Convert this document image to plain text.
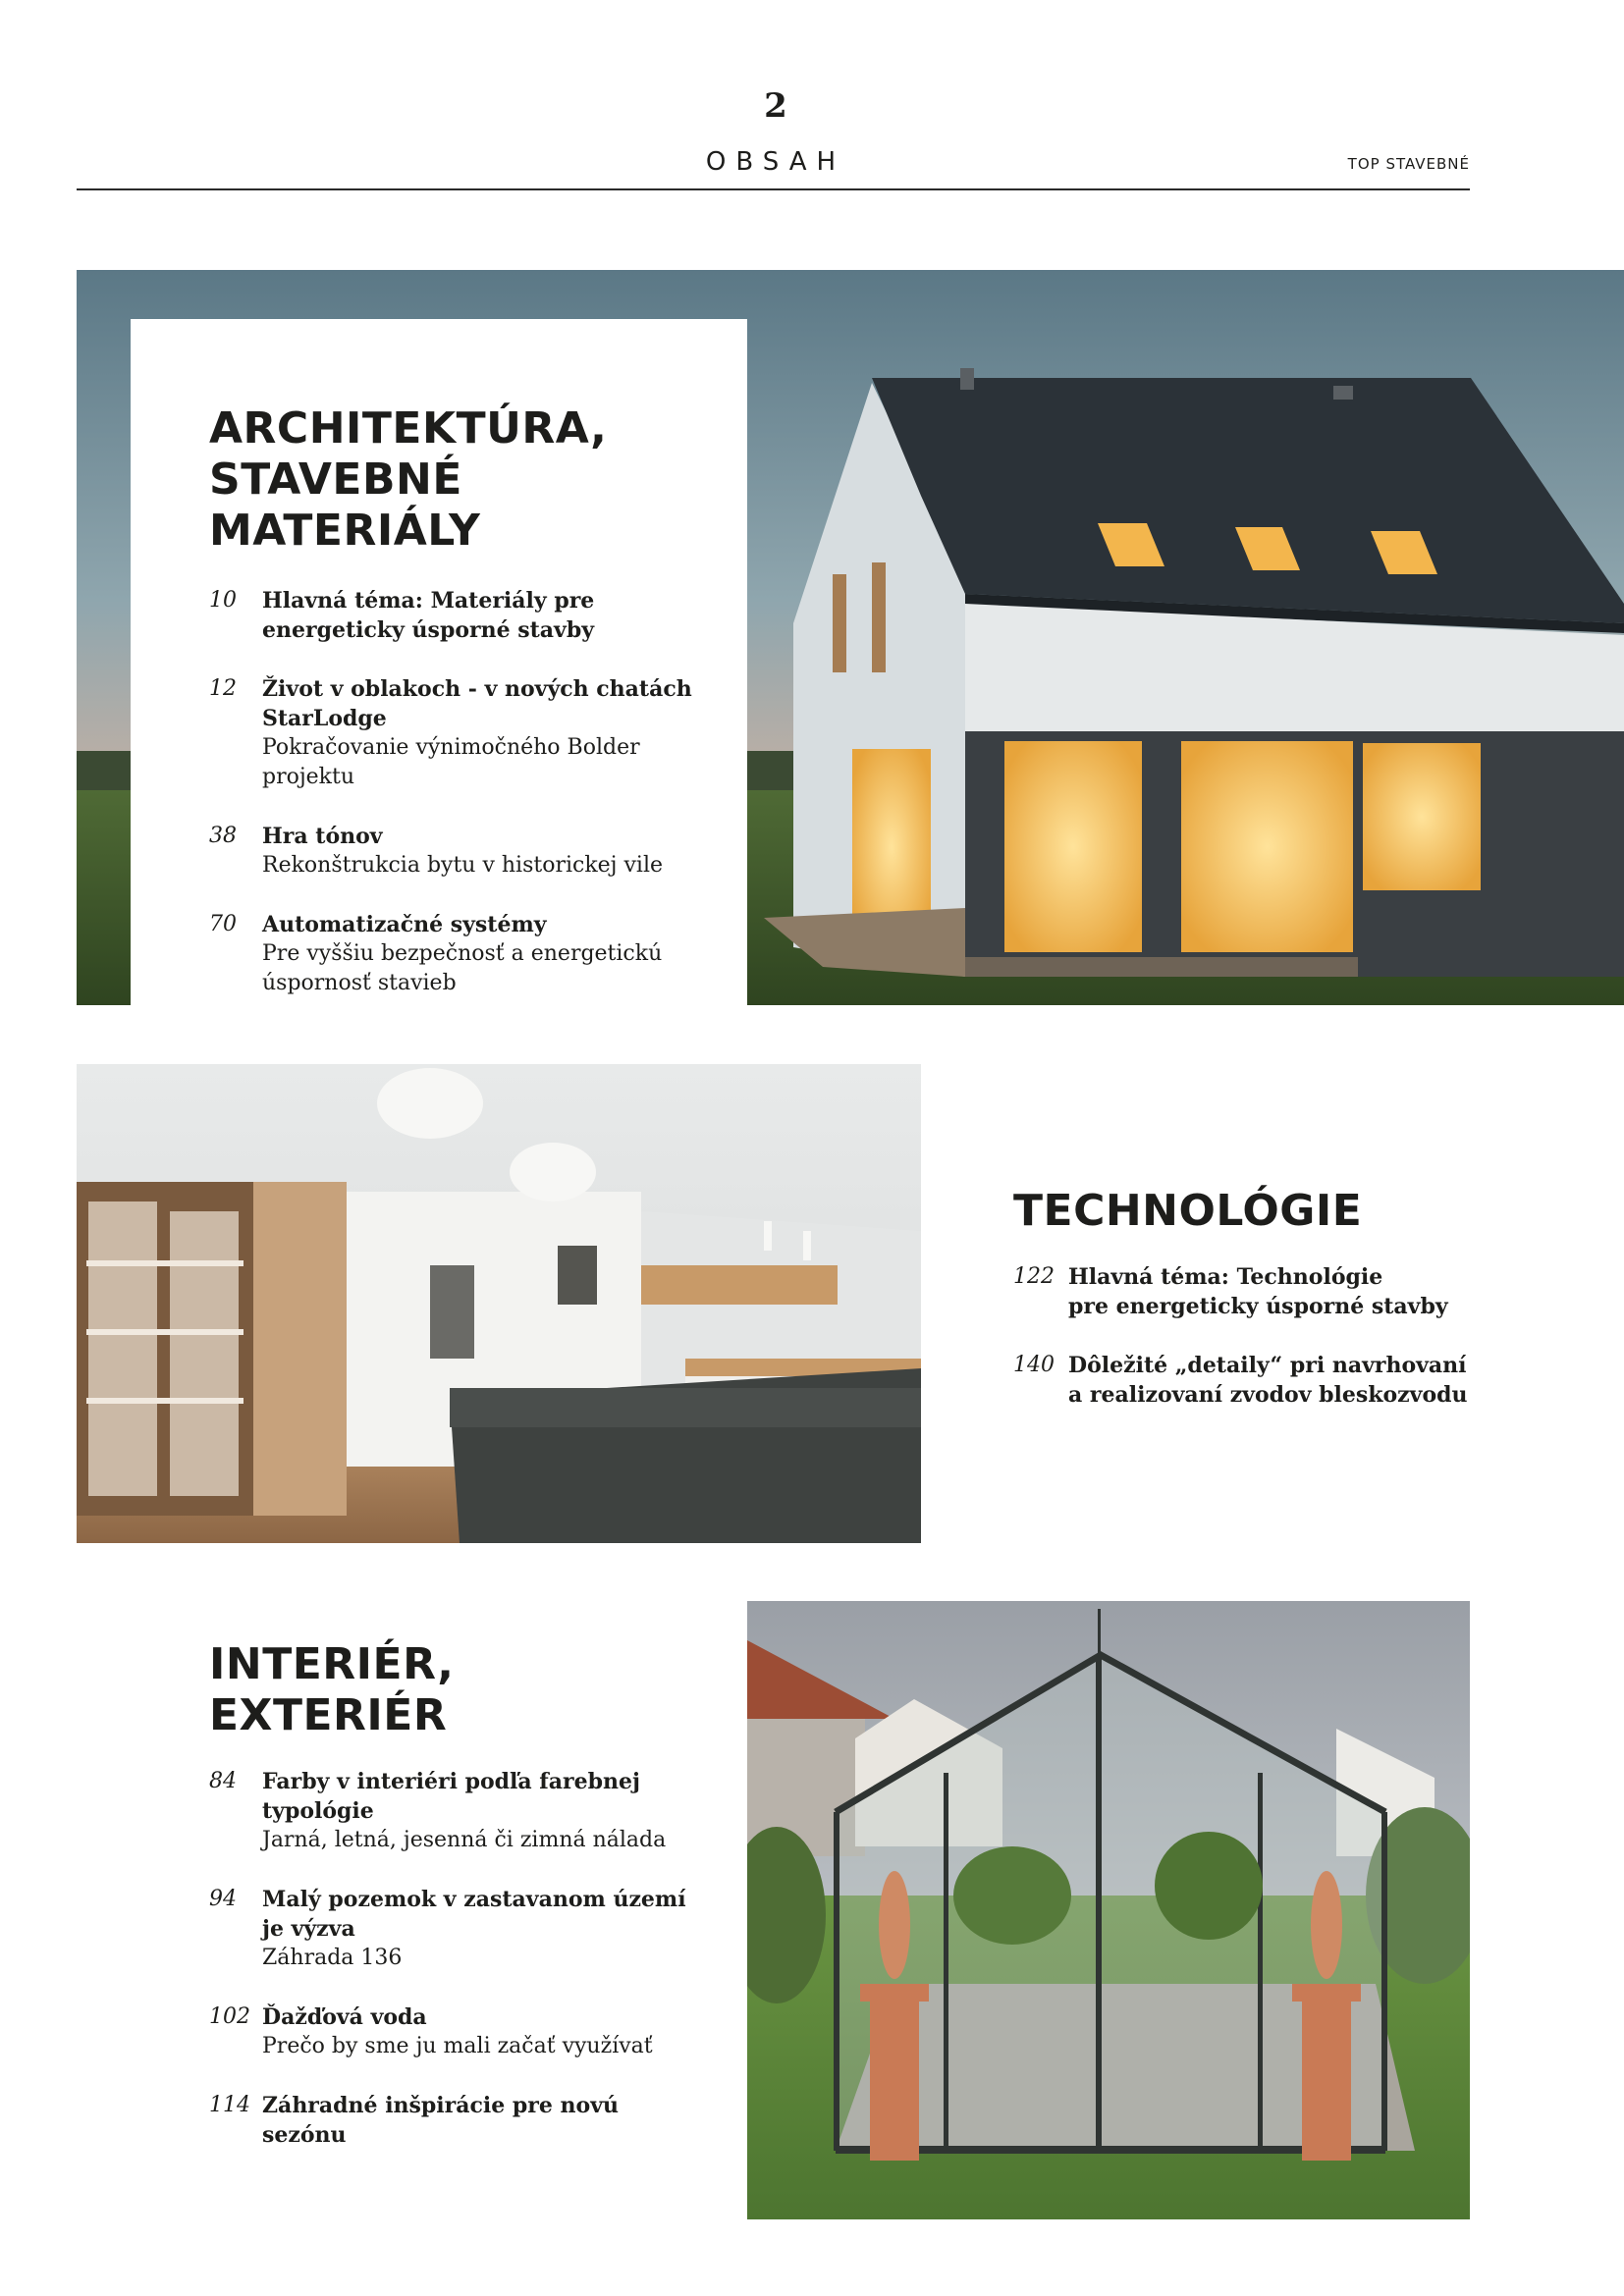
2
OBSAH	TOP STAVEBNÉ
ARCHITEKTÚRA,
STAVEBNÉ
MATERIÁLY
10 Hlavná téma: Materiály pre
energeticky úsporné stavby
12 Život v oblakoch - v nových chatách
StarLodge
Pokračovanie výnimočného Bolder
projektu
38 Hra tónov
Rekonštrukcia bytu v historickej vile
70 Automatizačné systémy
Pre vyššiu bezpečnosť a energetickú
úspornosť stavieb
TECHNOLÓGIE
122 Hlavná téma: Technológie
pre energeticky úsporné stavby
140 Dôležité „detaily“ pri navrhovaní
a realizovaní zvodov bleskozvodu
INTERIÉR,
EXTERIÉR
84 Farby v interiéri podľa farebnej
typológie
Jarná, letná, jesenná či zimná nálada
94 Malý pozemok v zastavanom území
je výzva
Záhrada 136
102 Ďažďová voda
Prečo by sme ju mali začať využívať
114 Záhradné inšpirácie pre novú
sezónu
